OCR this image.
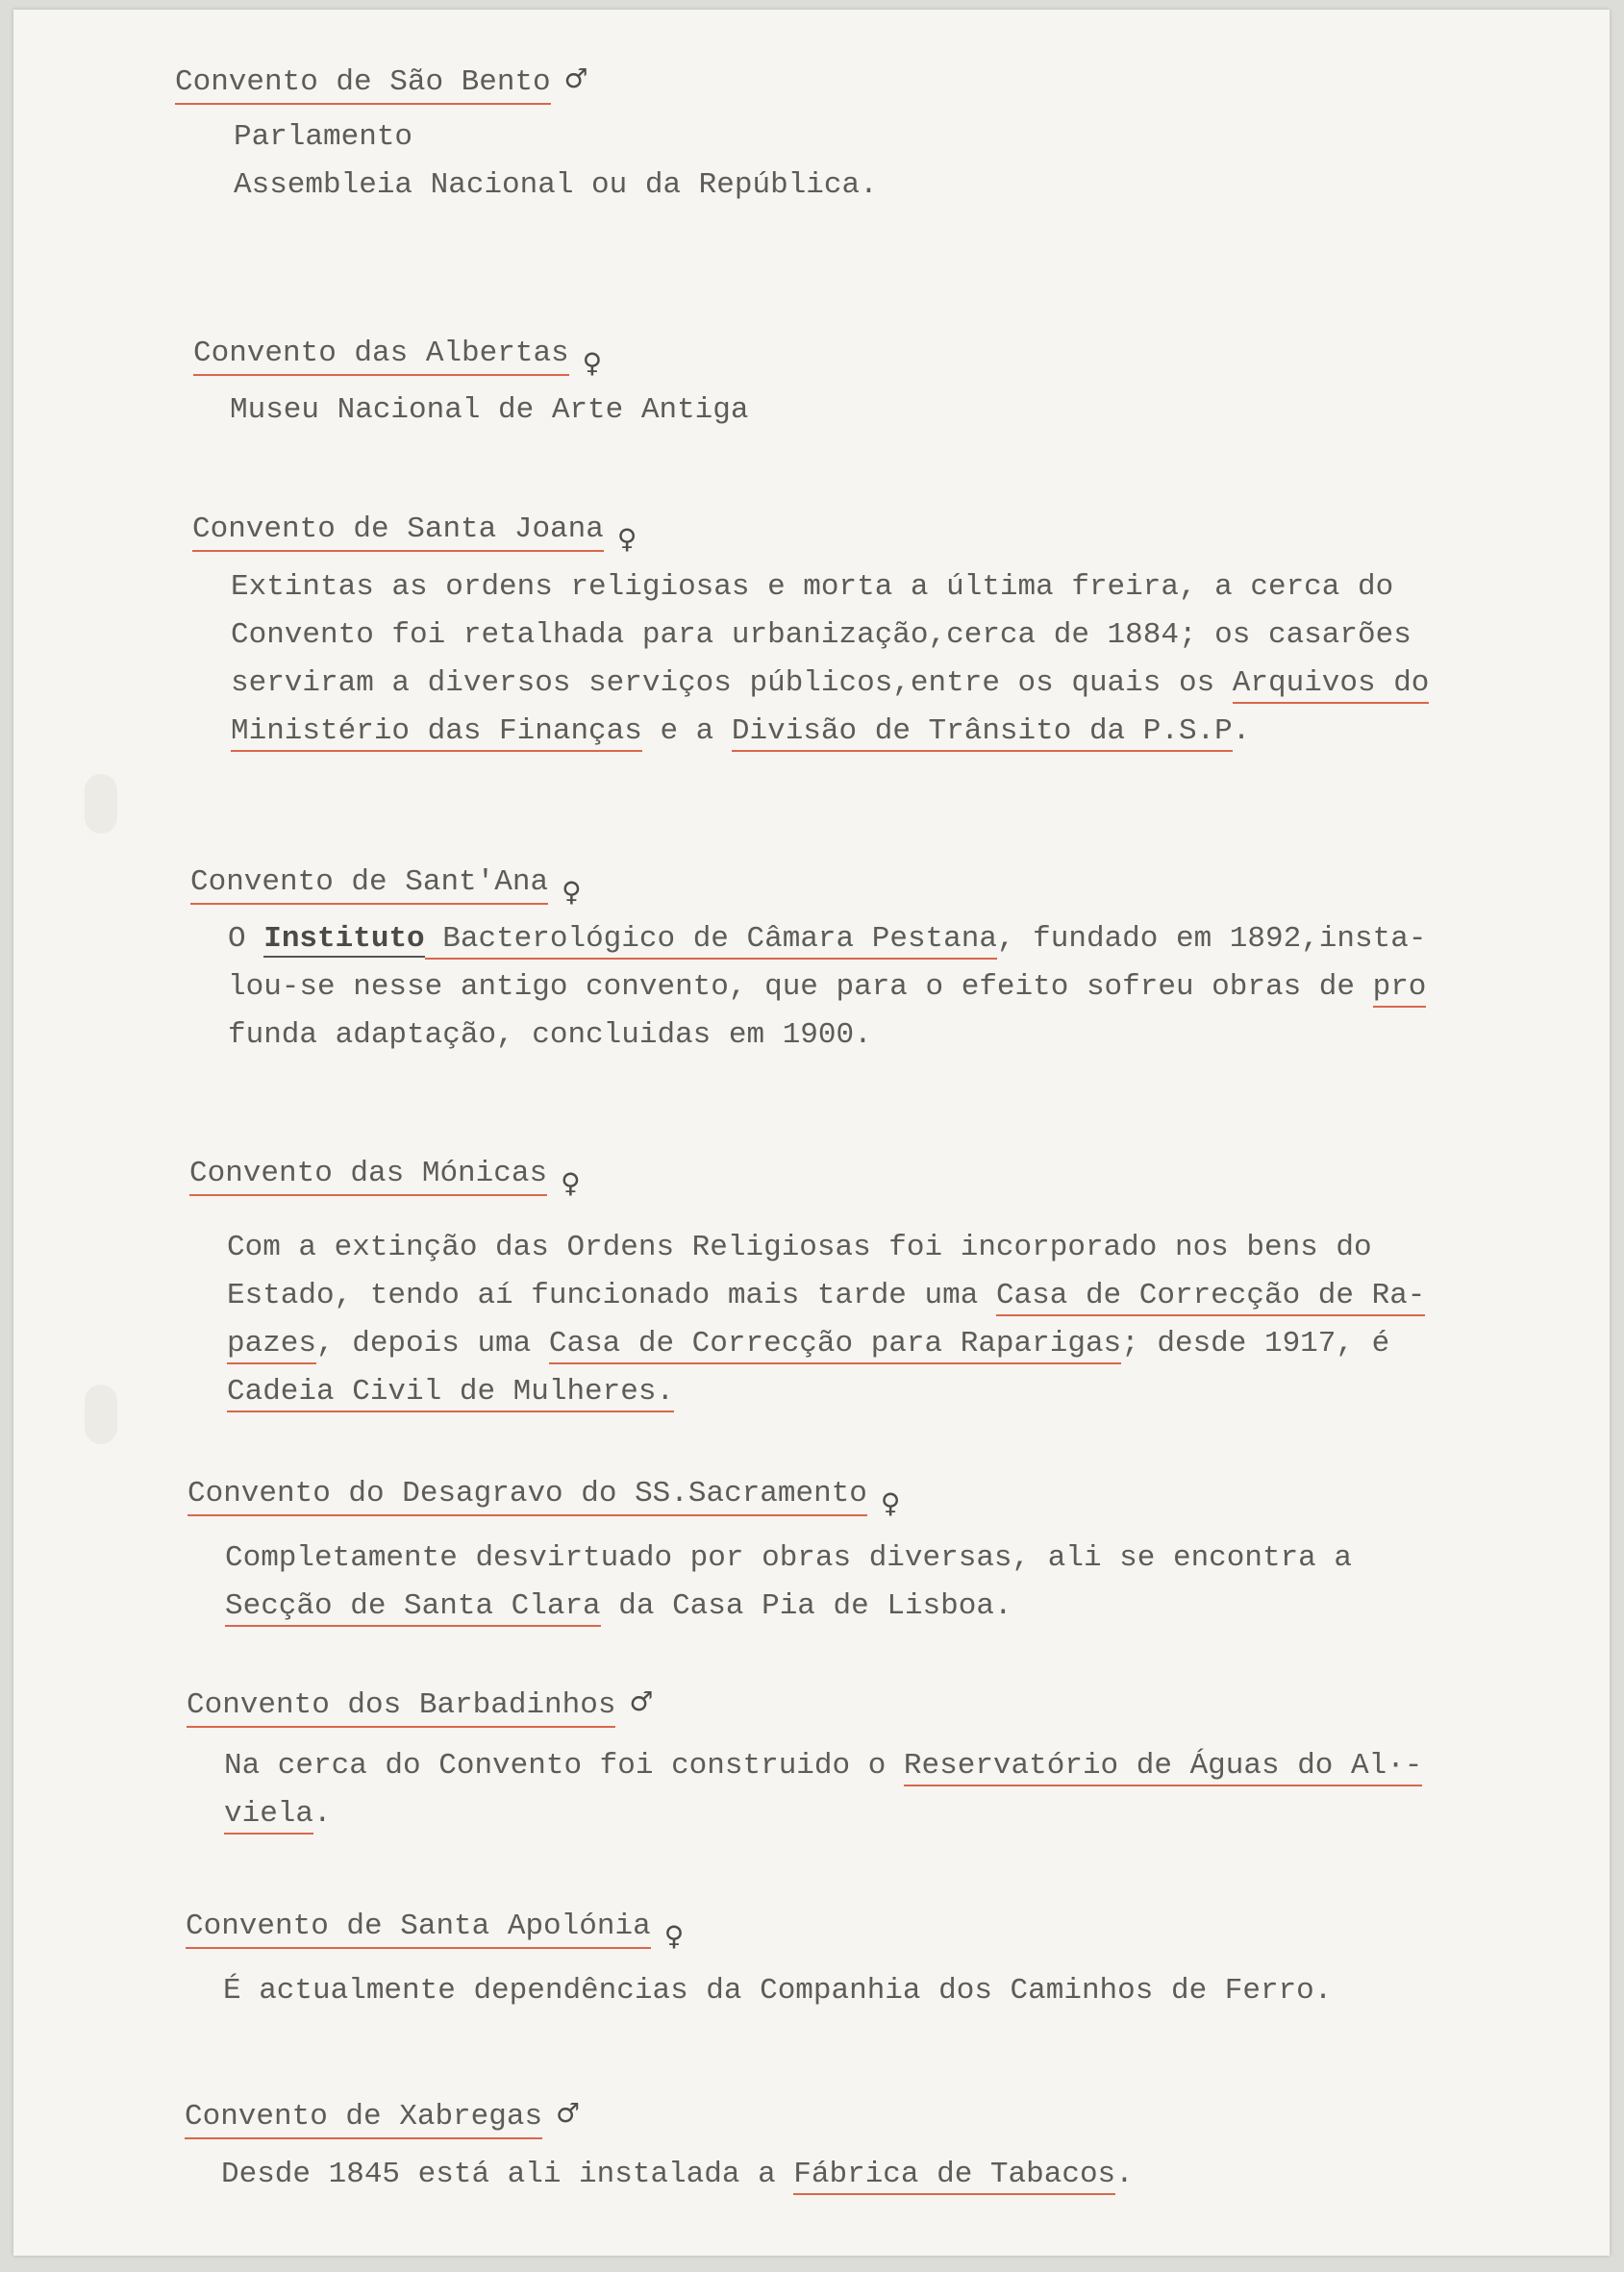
Convento de São Bento ♂
Parlamento
Assembleia Nacional ou da República.
Convento das Albertas ♀
Museu Nacional de Arte Antiga
Convento de Santa Joana ♀
Extintas as ordens religiosas e morta a última freira, a cerca do
Convento foi retalhada para urbanização,cerca de 1884; os casarões
serviram a diversos serviços públicos,entre os quais os Arquivos do
Ministério das Finanças e a Divisão de Trânsito da P.S.P.
Convento de Sant'Ana ♀
O Instituto Bacterológico de Câmara Pestana, fundado em 1892,insta-
lou-se nesse antigo convento, que para o efeito sofreu obras de pro
funda adaptação, concluidas em 1900.
Convento das Mónicas ♀
Com a extinção das Ordens Religiosas foi incorporado nos bens do
Estado, tendo aí funcionado mais tarde uma Casa de Correcção de Ra-
pazes, depois uma Casa de Correcção para Raparigas; desde 1917, é
Cadeia Civil de Mulheres.
Convento do Desagravo do SS.Sacramento ♀
Completamente desvirtuado por obras diversas, ali se encontra a
Secção de Santa Clara da Casa Pia de Lisboa.
Convento dos Barbadinhos ♂
Na cerca do Convento foi construido o Reservatório de Águas do Al·-
viela.
Convento de Santa Apolónia ♀
É actualmente dependências da Companhia dos Caminhos de Ferro.
Convento de Xabregas ♂
Desde 1845 está ali instalada a Fábrica de Tabacos.
